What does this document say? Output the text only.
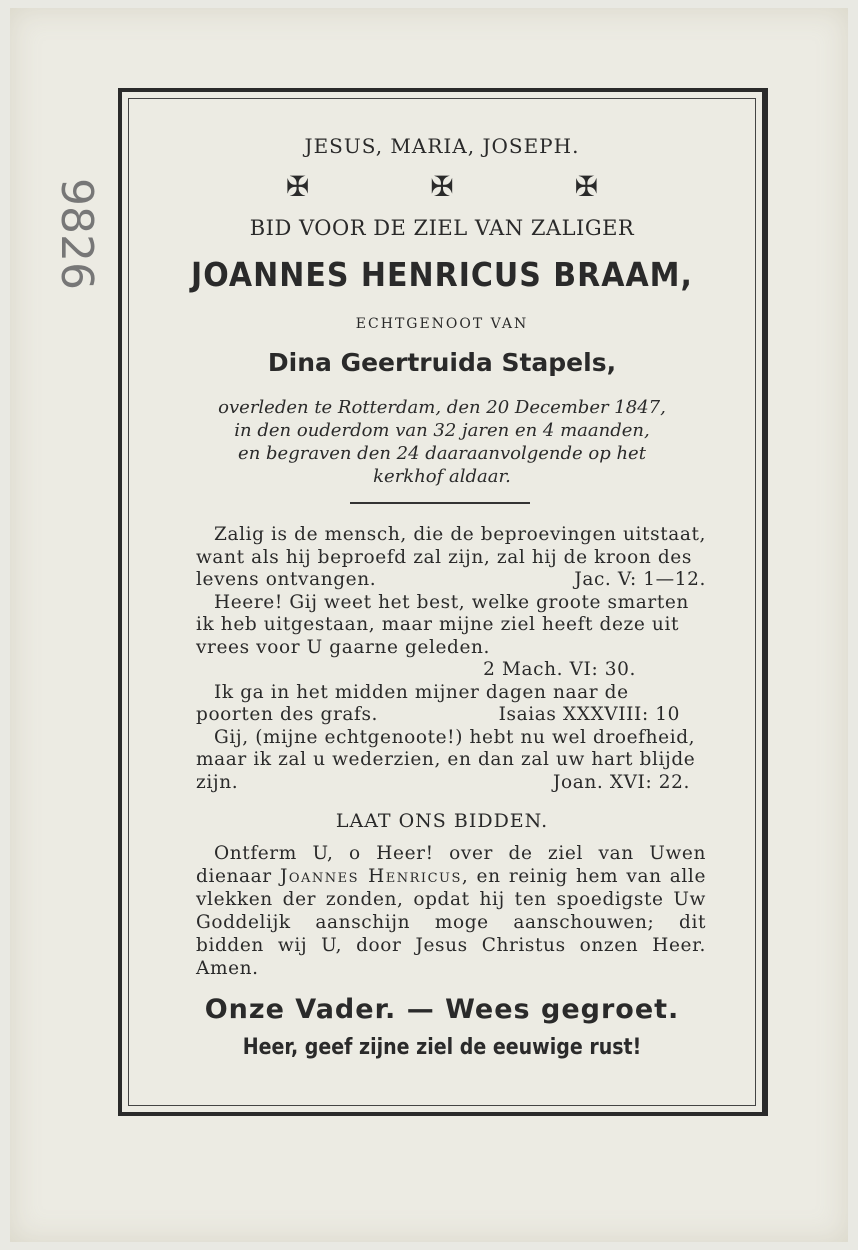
9826
JESUS, MARIA, JOSEPH.
✠ ✠ ✠
BID VOOR DE ZIEL VAN ZALIGER
JOANNES HENRICUS BRAAM,
ECHTGENOOT VAN
Dina Geertruida Stapels,
overleden te Rotterdam, den 20 December 1847,
in den ouderdom van 32 jaren en 4 maanden,
en begraven den 24 daaraanvolgende op het
kerkhof aldaar.

Zalig is de mensch, die de beproevingen uitstaat, want als hij beproefd zal zijn, zal hij de kroon des levens ontvangen.	Jac. V: 1—12.

Heere! Gij weet het best, welke groote smarten ik heb uitgestaan, maar mijne ziel heeft deze uit vrees voor U gaarne geleden.

2 Mach. VI: 30.

Ik ga in het midden mijner dagen naar de poorten des grafs.	Isaias XXXVIII: 10

Gij, (mijne echtgenoote!) hebt nu wel droefheid, maar ik zal u wederzien, en dan zal uw hart blijde zijn.	Joan. XVI: 22.

LAAT ONS BIDDEN.
Ontferm U, o Heer! over de ziel van Uwen dienaar Joannes Henricus, en reinig hem van alle vlekken der zonden, opdat hij ten spoedigste Uw Goddelijk aanschijn moge aanschouwen; dit bidden wij U, door Jesus Christus onzen Heer. Amen.
Onze Vader. — Wees gegroet.
Heer, geef zijne ziel de eeuwige rust!
